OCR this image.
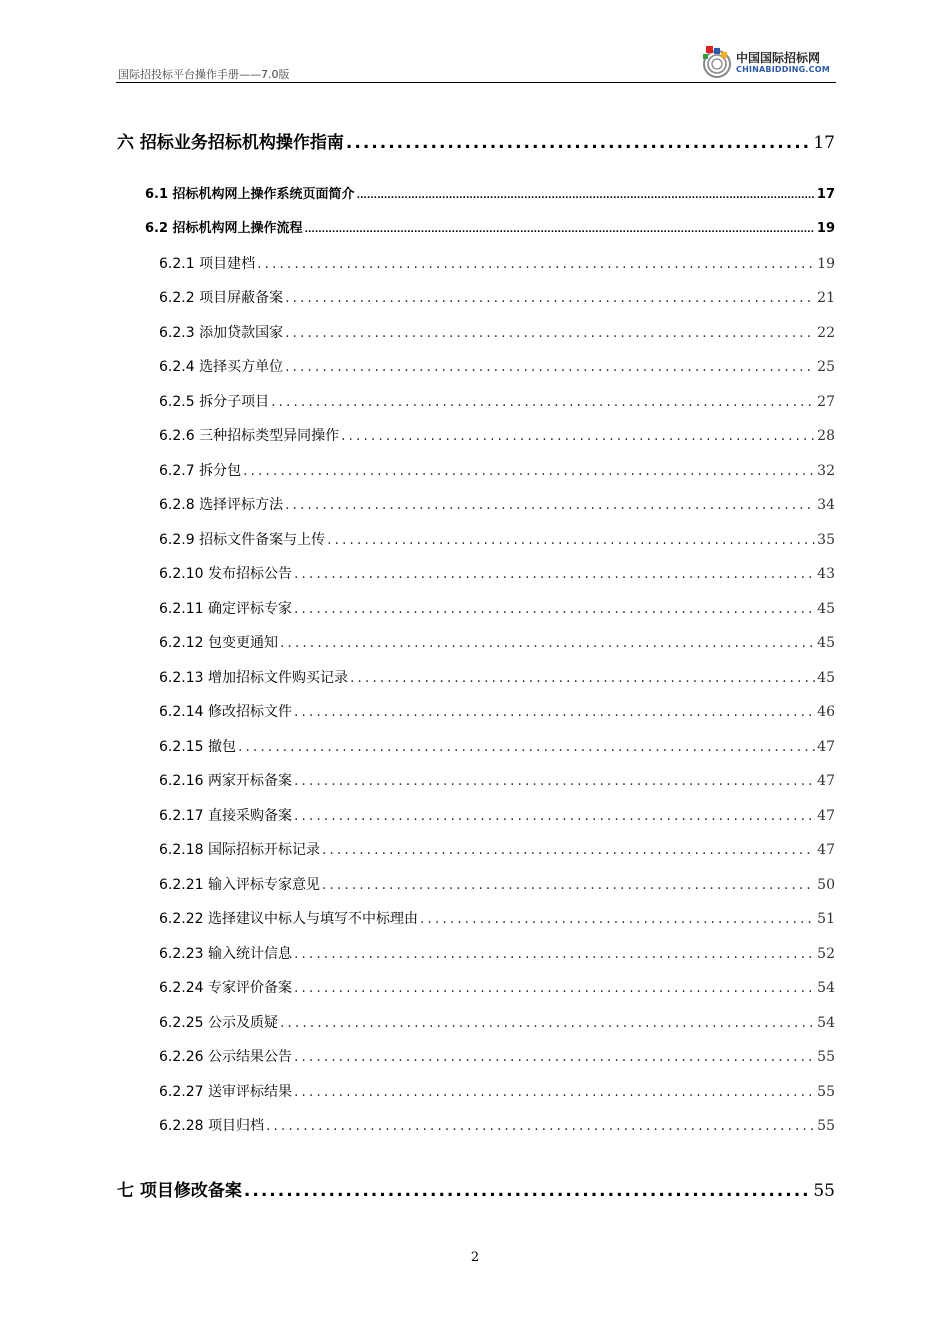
国际招投标平台操作手册——7.0版
中国国际招标网
CHINABIDDING.COM
六 招标业务招标机构操作指南 .....	17
6.1 招标机构网上操作系统页面简介 .....	17
6.2 招标机构网上操作流程 .....	19
6.2.1 项目建档 .....	19
6.2.2 项目屏蔽备案 .....	21
6.2.3 添加贷款国家 .....	22
6.2.4 选择买方单位 .....	25
6.2.5 拆分子项目 .....	27
6.2.6 三种招标类型异同操作 .....	28
6.2.7 拆分包 .....	32
6.2.8 选择评标方法 .....	34
6.2.9 招标文件备案与上传 .....	35
6.2.10 发布招标公告 .....	43
6.2.11 确定评标专家 .....	45
6.2.12 包变更通知 .....	45
6.2.13 增加招标文件购买记录 .....	45
6.2.14 修改招标文件 .....	46
6.2.15 撤包 .....	47
6.2.16 两家开标备案 .....	47
6.2.17 直接采购备案 .....	47
6.2.18 国际招标开标记录 .....	47
6.2.21 输入评标专家意见 .....	50
6.2.22 选择建议中标人与填写不中标理由 .....	51
6.2.23 输入统计信息 .....	52
6.2.24 专家评价备案 .....	54
6.2.25 公示及质疑 .....	54
6.2.26 公示结果公告 .....	55
6.2.27 送审评标结果 .....	55
6.2.28 项目归档 .....	55
七 项目修改备案 .....	55
2
